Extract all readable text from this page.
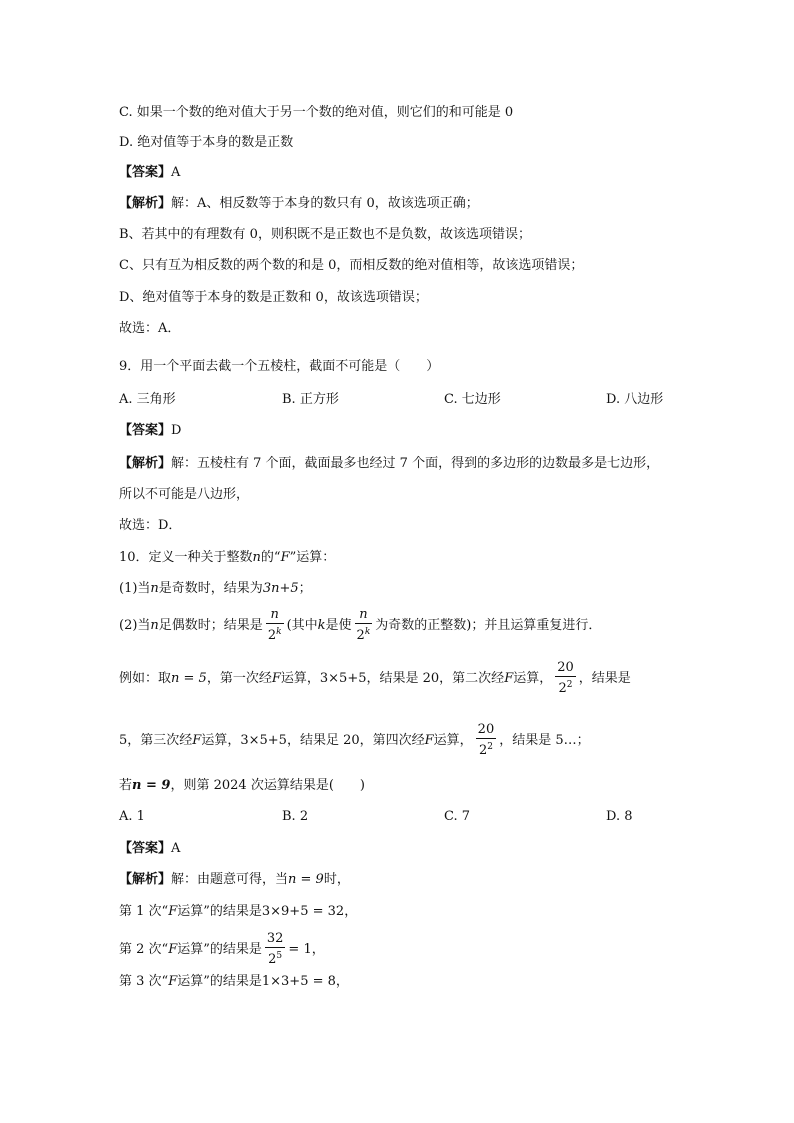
C. 如果一个数的绝对值大于另一个数的绝对值，则它们的和可能是 0
D. 绝对值等于本身的数是正数
【答案】A
【解析】解：A、相反数等于本身的数只有 0，故该选项正确；
B、若其中的有理数有 0，则积既不是正数也不是负数，故该选项错误；
C、只有互为相反数的两个数的和是 0，而相反数的绝对值相等，故该选项错误；
D、绝对值等于本身的数是正数和 0，故该选项错误；
故选：A．
9．用一个平面去截一个五棱柱，截面不可能是（　　）
A. 三角形	B. 正方形	C. 七边形	D. 八边形
【答案】D
【解析】解：五棱柱有 7 个面，截面最多也经过 7 个面，得到的多边形的边数最多是七边形，
所以不可能是八边形，
故选：D．
10．定义一种关于整数n的“F”运算：
(1)当n是奇数时，结果为3n+5；
(2)当n足偶数时；结果是 $\frac{n}{2^k}$ (其中k是使 $\frac{n}{2^k}$ 为奇数的正整数)；并且运算重复进行．
例如：取n = 5，第一次经F运算，3×5+5，结果是 20，第二次经F运算， $\frac{20}{2^2}$ ，结果是
5，第三次经F运算，3×5+5，结果足 20，第四次经F运算， $\frac{20}{2^2}$ ，结果是 5…；
若n = 9，则第 2024 次运算结果是(　　)
A. 1	B. 2	C. 7	D. 8
【答案】A
【解析】解：由题意可得，当n = 9时，
第 1 次“F运算”的结果是3×9+5 = 32，
第 2 次“F运算”的结果是 $\frac{32}{2^5} = 1$，
第 3 次“F运算”的结果是1×3+5 = 8，
